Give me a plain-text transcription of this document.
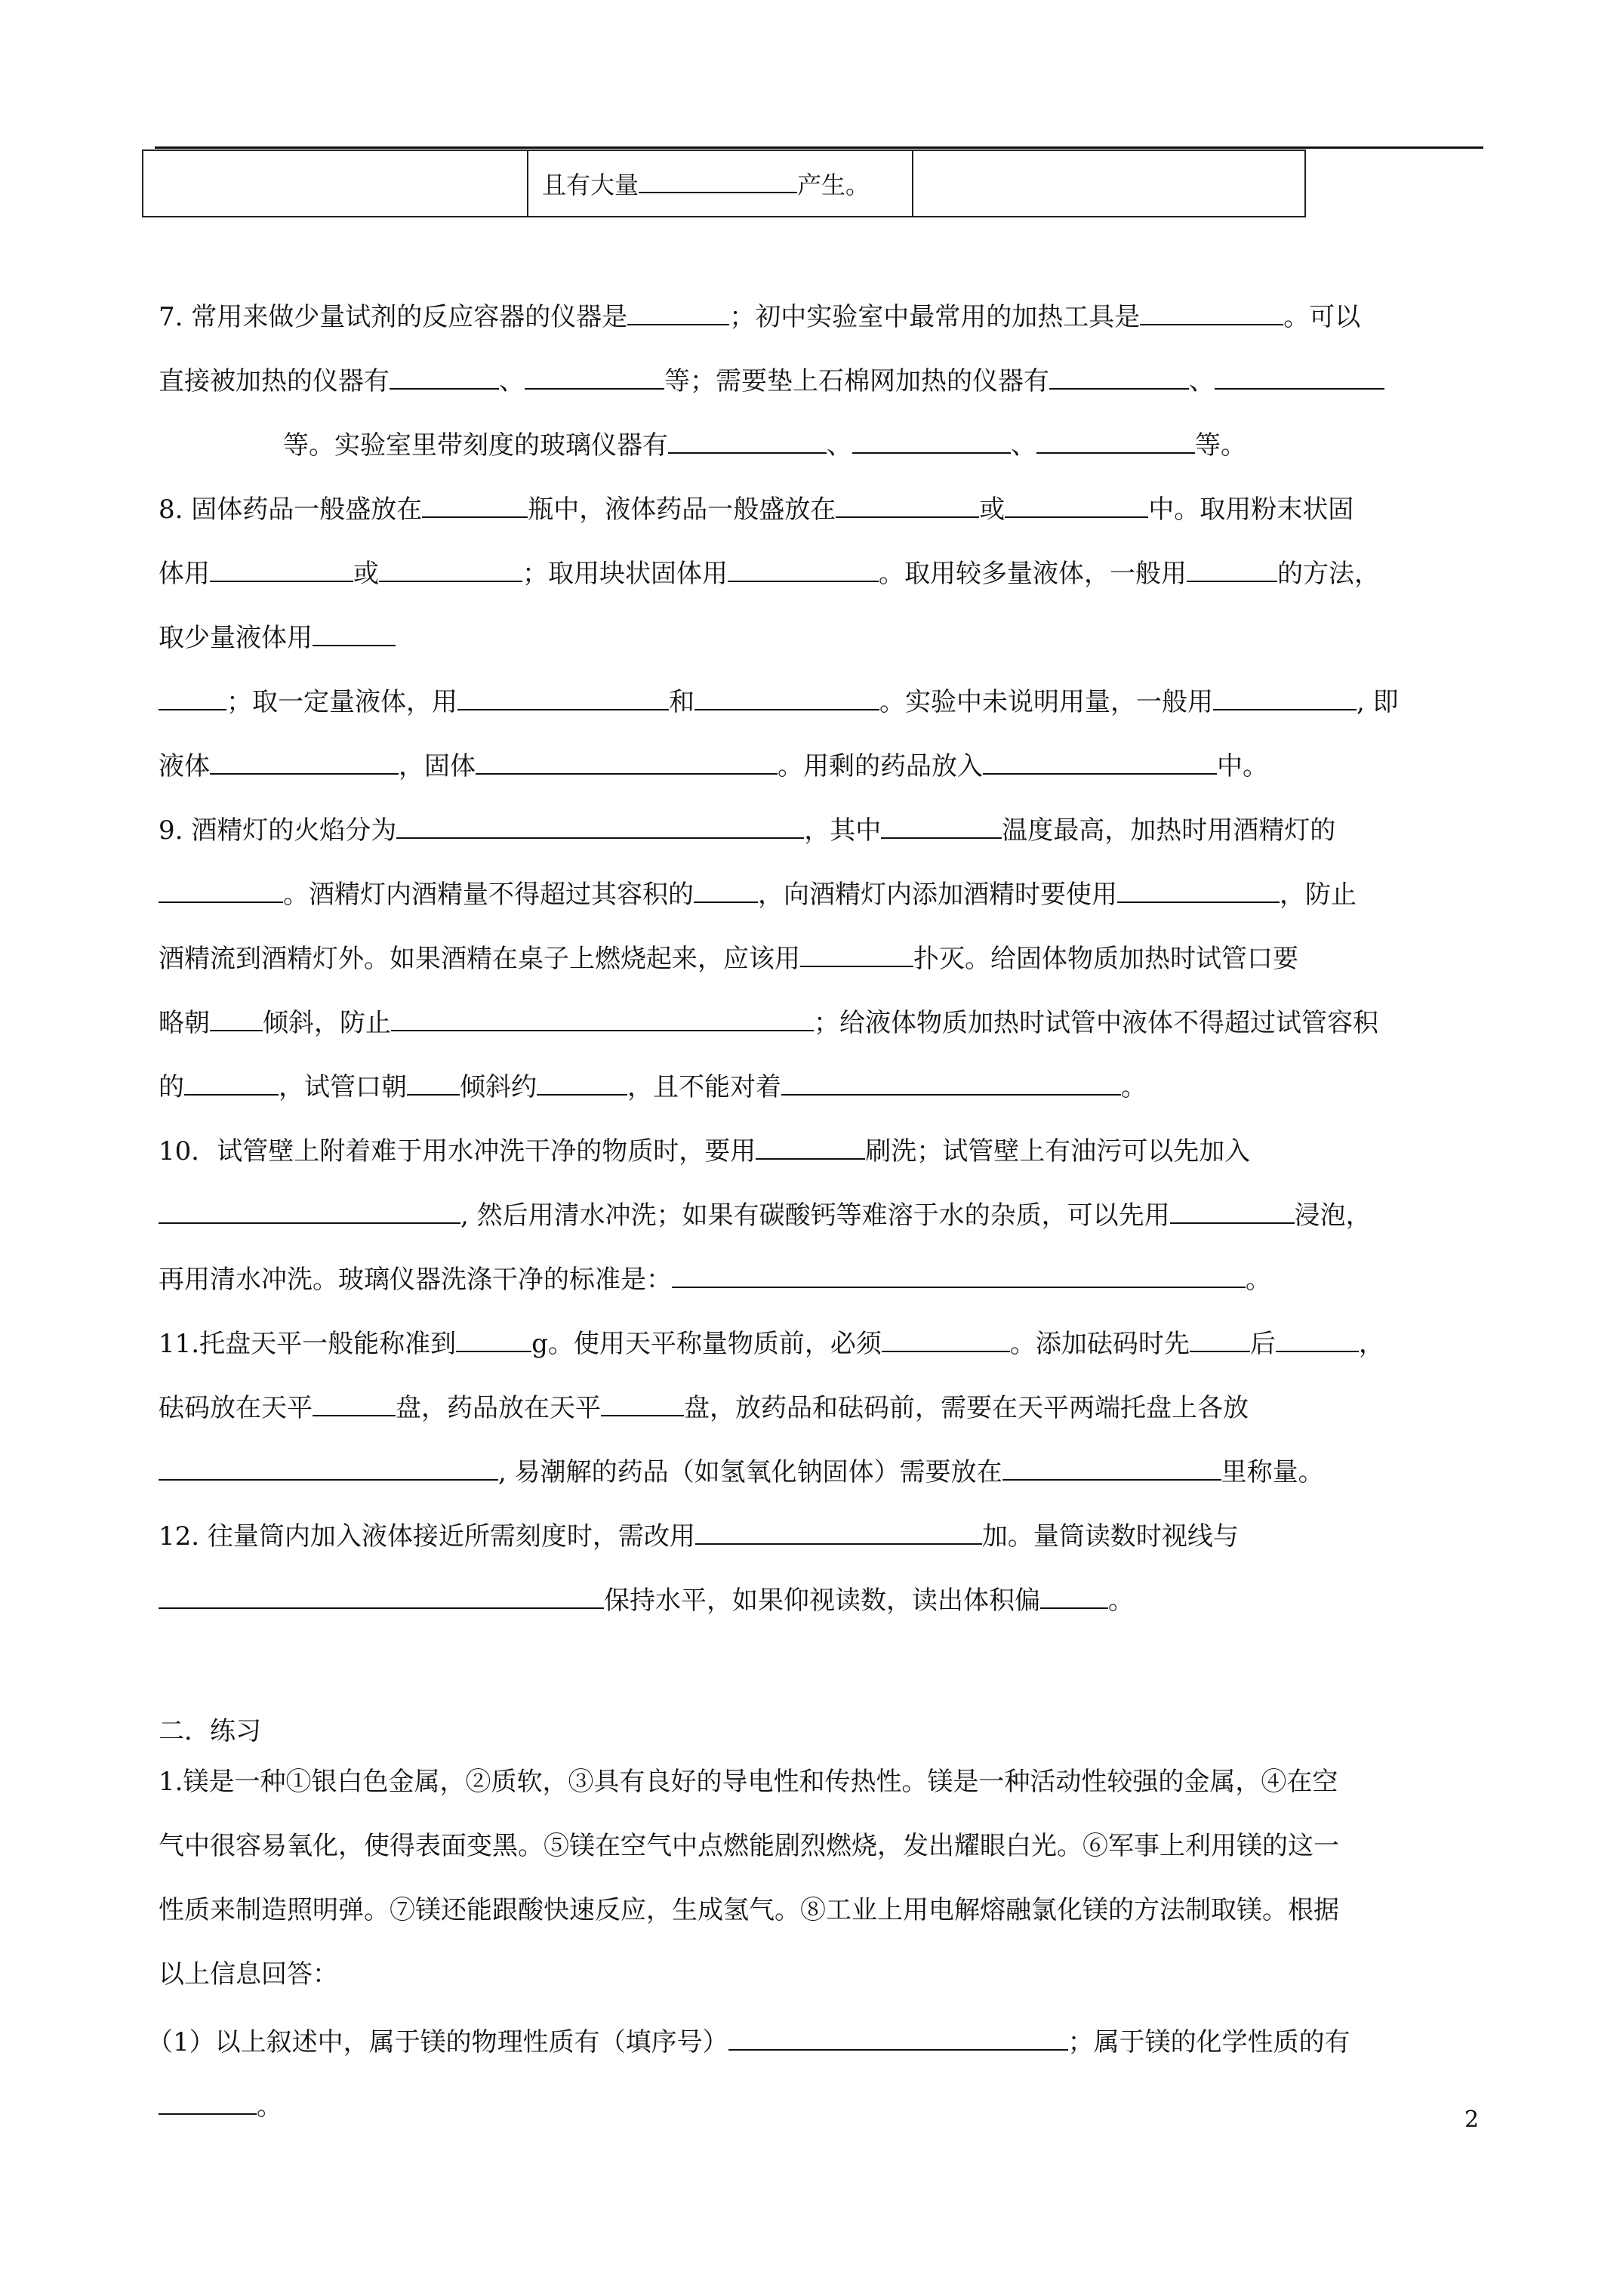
	且有大量	产生。	
7. 常用来做少量试剂的反应容器的仪器是	；初中实验室中最常用的加热工具是	。可以
直接被加热的仪器有	、	等；需要垫上石棉网加热的仪器有	、
等。实验室里带刻度的玻璃仪器有	、	、	等。
8. 固体药品一般盛放在	瓶中，液体药品一般盛放在	或	中。取用粉末状固
体用	或	；取用块状固体用	。取用较多量液体，一般用	的方法，
取少量液体用
；取一定量液体，用	和	。实验中未说明用量，一般用	, 即
液体	，固体	。用剩的药品放入	中。
9. 酒精灯的火焰分为	，其中	温度最高，加热时用酒精灯的
。酒精灯内酒精量不得超过其容积的	，向酒精灯内添加酒精时要使用	，防止
酒精流到酒精灯外。如果酒精在桌子上燃烧起来，应该用	扑灭。给固体物质加热时试管口要
略朝 倾斜，防止	；给液体物质加热时试管中液体不得超过试管容积
的	，试管口朝 倾斜约	，且不能对着	。
10．试管壁上附着难于用水冲洗干净的物质时，要用	刷洗；试管壁上有油污可以先加入
, 然后用清水冲洗；如果有碳酸钙等难溶于水的杂质，可以先用	浸泡，
再用清水冲洗。玻璃仪器洗涤干净的标准是：	。
11.托盘天平一般能称准到	g。使用天平称量物质前，必须	。添加砝码时先 后	，
砝码放在天平	盘，药品放在天平	盘，放药品和砝码前，需要在天平两端托盘上各放
, 易潮解的药品（如氢氧化钠固体）需要放在	里称量。
12. 往量筒内加入液体接近所需刻度时，需改用	加。量筒读数时视线与
保持水平，如果仰视读数，读出体积偏	。
二．练习
1.镁是一种①银白色金属，②质软，③具有良好的导电性和传热性。镁是一种活动性较强的金属，④在空
气中很容易氧化，使得表面变黑。⑤镁在空气中点燃能剧烈燃烧，发出耀眼白光。⑥军事上利用镁的这一
性质来制造照明弹。⑦镁还能跟酸快速反应，生成氢气。⑧工业上用电解熔融氯化镁的方法制取镁。根据
以上信息回答：
（1）以上叙述中，属于镁的物理性质有（填序号）	；属于镁的化学性质的有
。	2
